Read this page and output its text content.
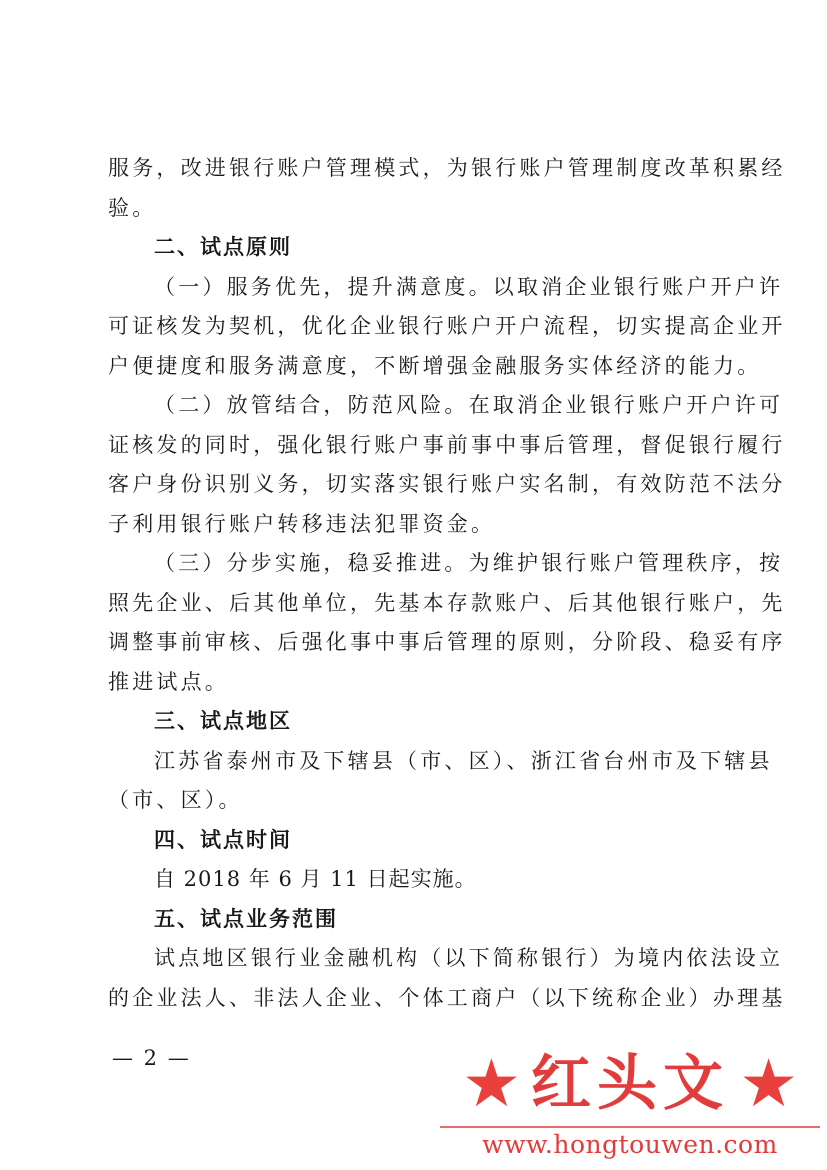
服务，改进银行账户管理模式，为银行账户管理制度改革积累经
验。
二、试点原则
（一）服务优先，提升满意度。以取消企业银行账户开户许
可证核发为契机，优化企业银行账户开户流程，切实提高企业开
户便捷度和服务满意度，不断增强金融服务实体经济的能力。
（二）放管结合，防范风险。在取消企业银行账户开户许可
证核发的同时，强化银行账户事前事中事后管理，督促银行履行
客户身份识别义务，切实落实银行账户实名制，有效防范不法分
子利用银行账户转移违法犯罪资金。
（三）分步实施，稳妥推进。为维护银行账户管理秩序，按
照先企业、后其他单位，先基本存款账户、后其他银行账户，先
调整事前审核、后强化事中事后管理的原则，分阶段、稳妥有序
推进试点。
三、试点地区
江苏省泰州市及下辖县（市、区）、浙江省台州市及下辖县
（市、区）。
四、试点时间
自 2018 年 6 月 11 日起实施。
五、试点业务范围
试点地区银行业金融机构（以下简称银行）为境内依法设立
的企业法人、非法人企业、个体工商户（以下统称企业）办理基
— 2 —	★ 红头文 ★
www.hongtouwen.com
